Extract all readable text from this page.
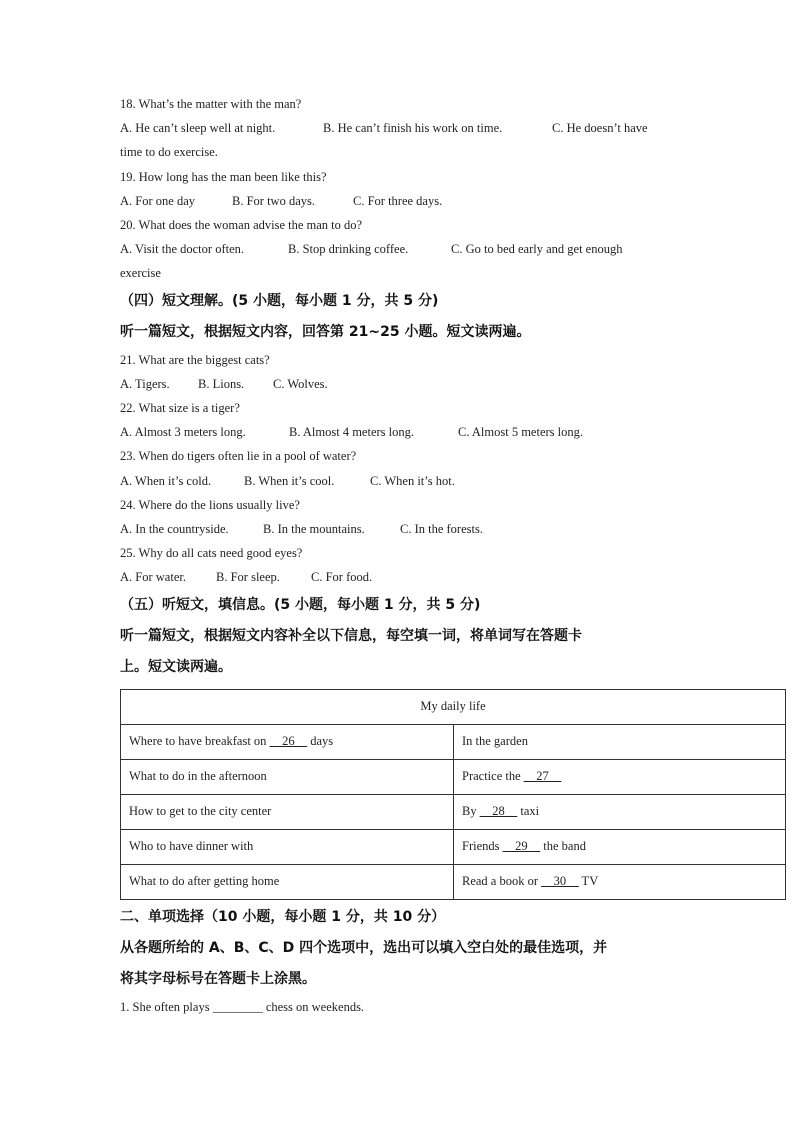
18. What’s the matter with the man?
A. He can’t sleep well at night.	B. He can’t finish his work on time.	C. He doesn’t have
time to do exercise.
19. How long has the man been like this?
A. For one day	B. For two days.	C. For three days.
20. What does the woman advise the man to do?
A. Visit the doctor often.	B. Stop drinking coffee.	C. Go to bed early and get enough
exercise
（四）短文理解。(5 小题，每小题 1 分，共 5 分)
听一篇短文，根据短文内容，回答第 21~25 小题。短文读两遍。
21. What are the biggest cats?
A. Tigers. B. Lions. C. Wolves.
22. What size is a tiger?
A. Almost 3 meters long.	B. Almost 4 meters long.	C. Almost 5 meters long.
23. When do tigers often lie in a pool of water?
A. When it’s cold.	B. When it’s cool.	C. When it’s hot.
24. Where do the lions usually live?
A. In the countryside.	B. In the mountains.	C. In the forests.
25. Why do all cats need good eyes?
A. For water. B. For sleep. C. For food.
（五）听短文，填信息。(5 小题，每小题 1 分，共 5 分)
听一篇短文，根据短文内容补全以下信息，每空填一词，将单词写在答题卡
上。短文读两遍。
My daily life	
Where to have breakfast on __26__ days	In the garden
What to do in the afternoon	Practice the __27__
How to get to the city center	By __28__ taxi
Who to have dinner with	Friends __29__ the band
What to do after getting home	Read a book or __30__ TV
二、单项选择（10 小题，每小题 1 分，共 10 分）
从各题所给的 A、B、C、D 四个选项中，选出可以填入空白处的最佳选项，并
将其字母标号在答题卡上涂黑。
1. She often plays ________ chess on weekends.
